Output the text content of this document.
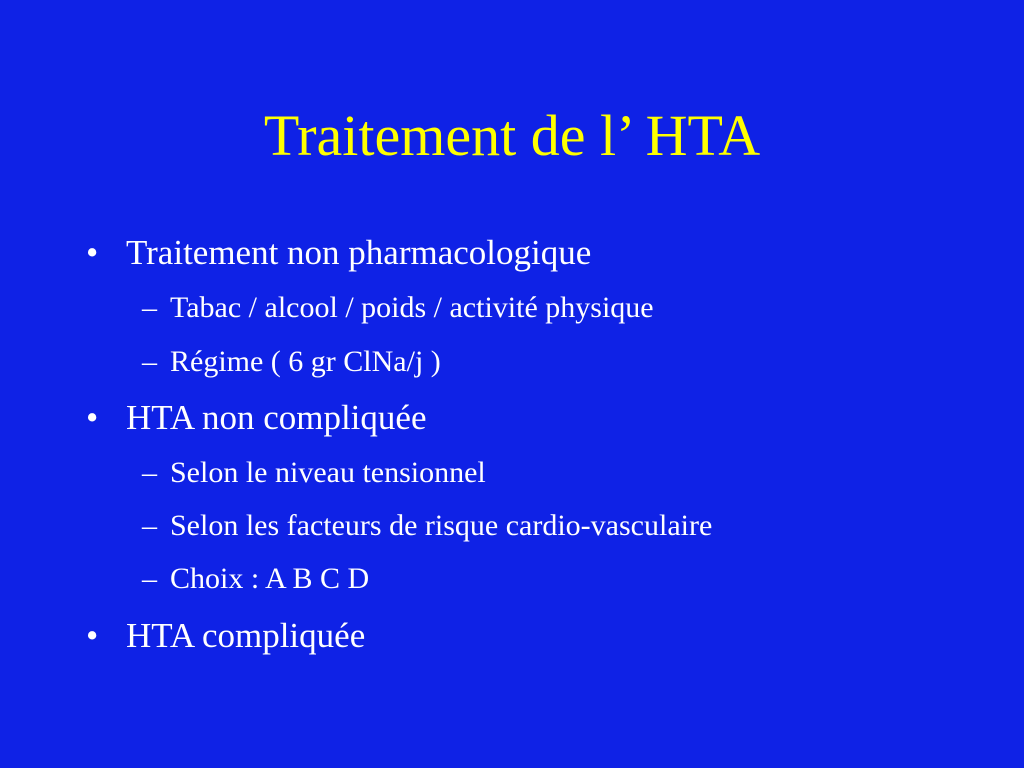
Traitement de l’ HTA
• Traitement non pharmacologique
– Tabac / alcool / poids / activité physique
– Régime ( 6 gr ClNa/j )
• HTA non compliquée
– Selon le niveau tensionnel
– Selon les facteurs de risque cardio-vasculaire
– Choix : A B C D
• HTA compliquée
